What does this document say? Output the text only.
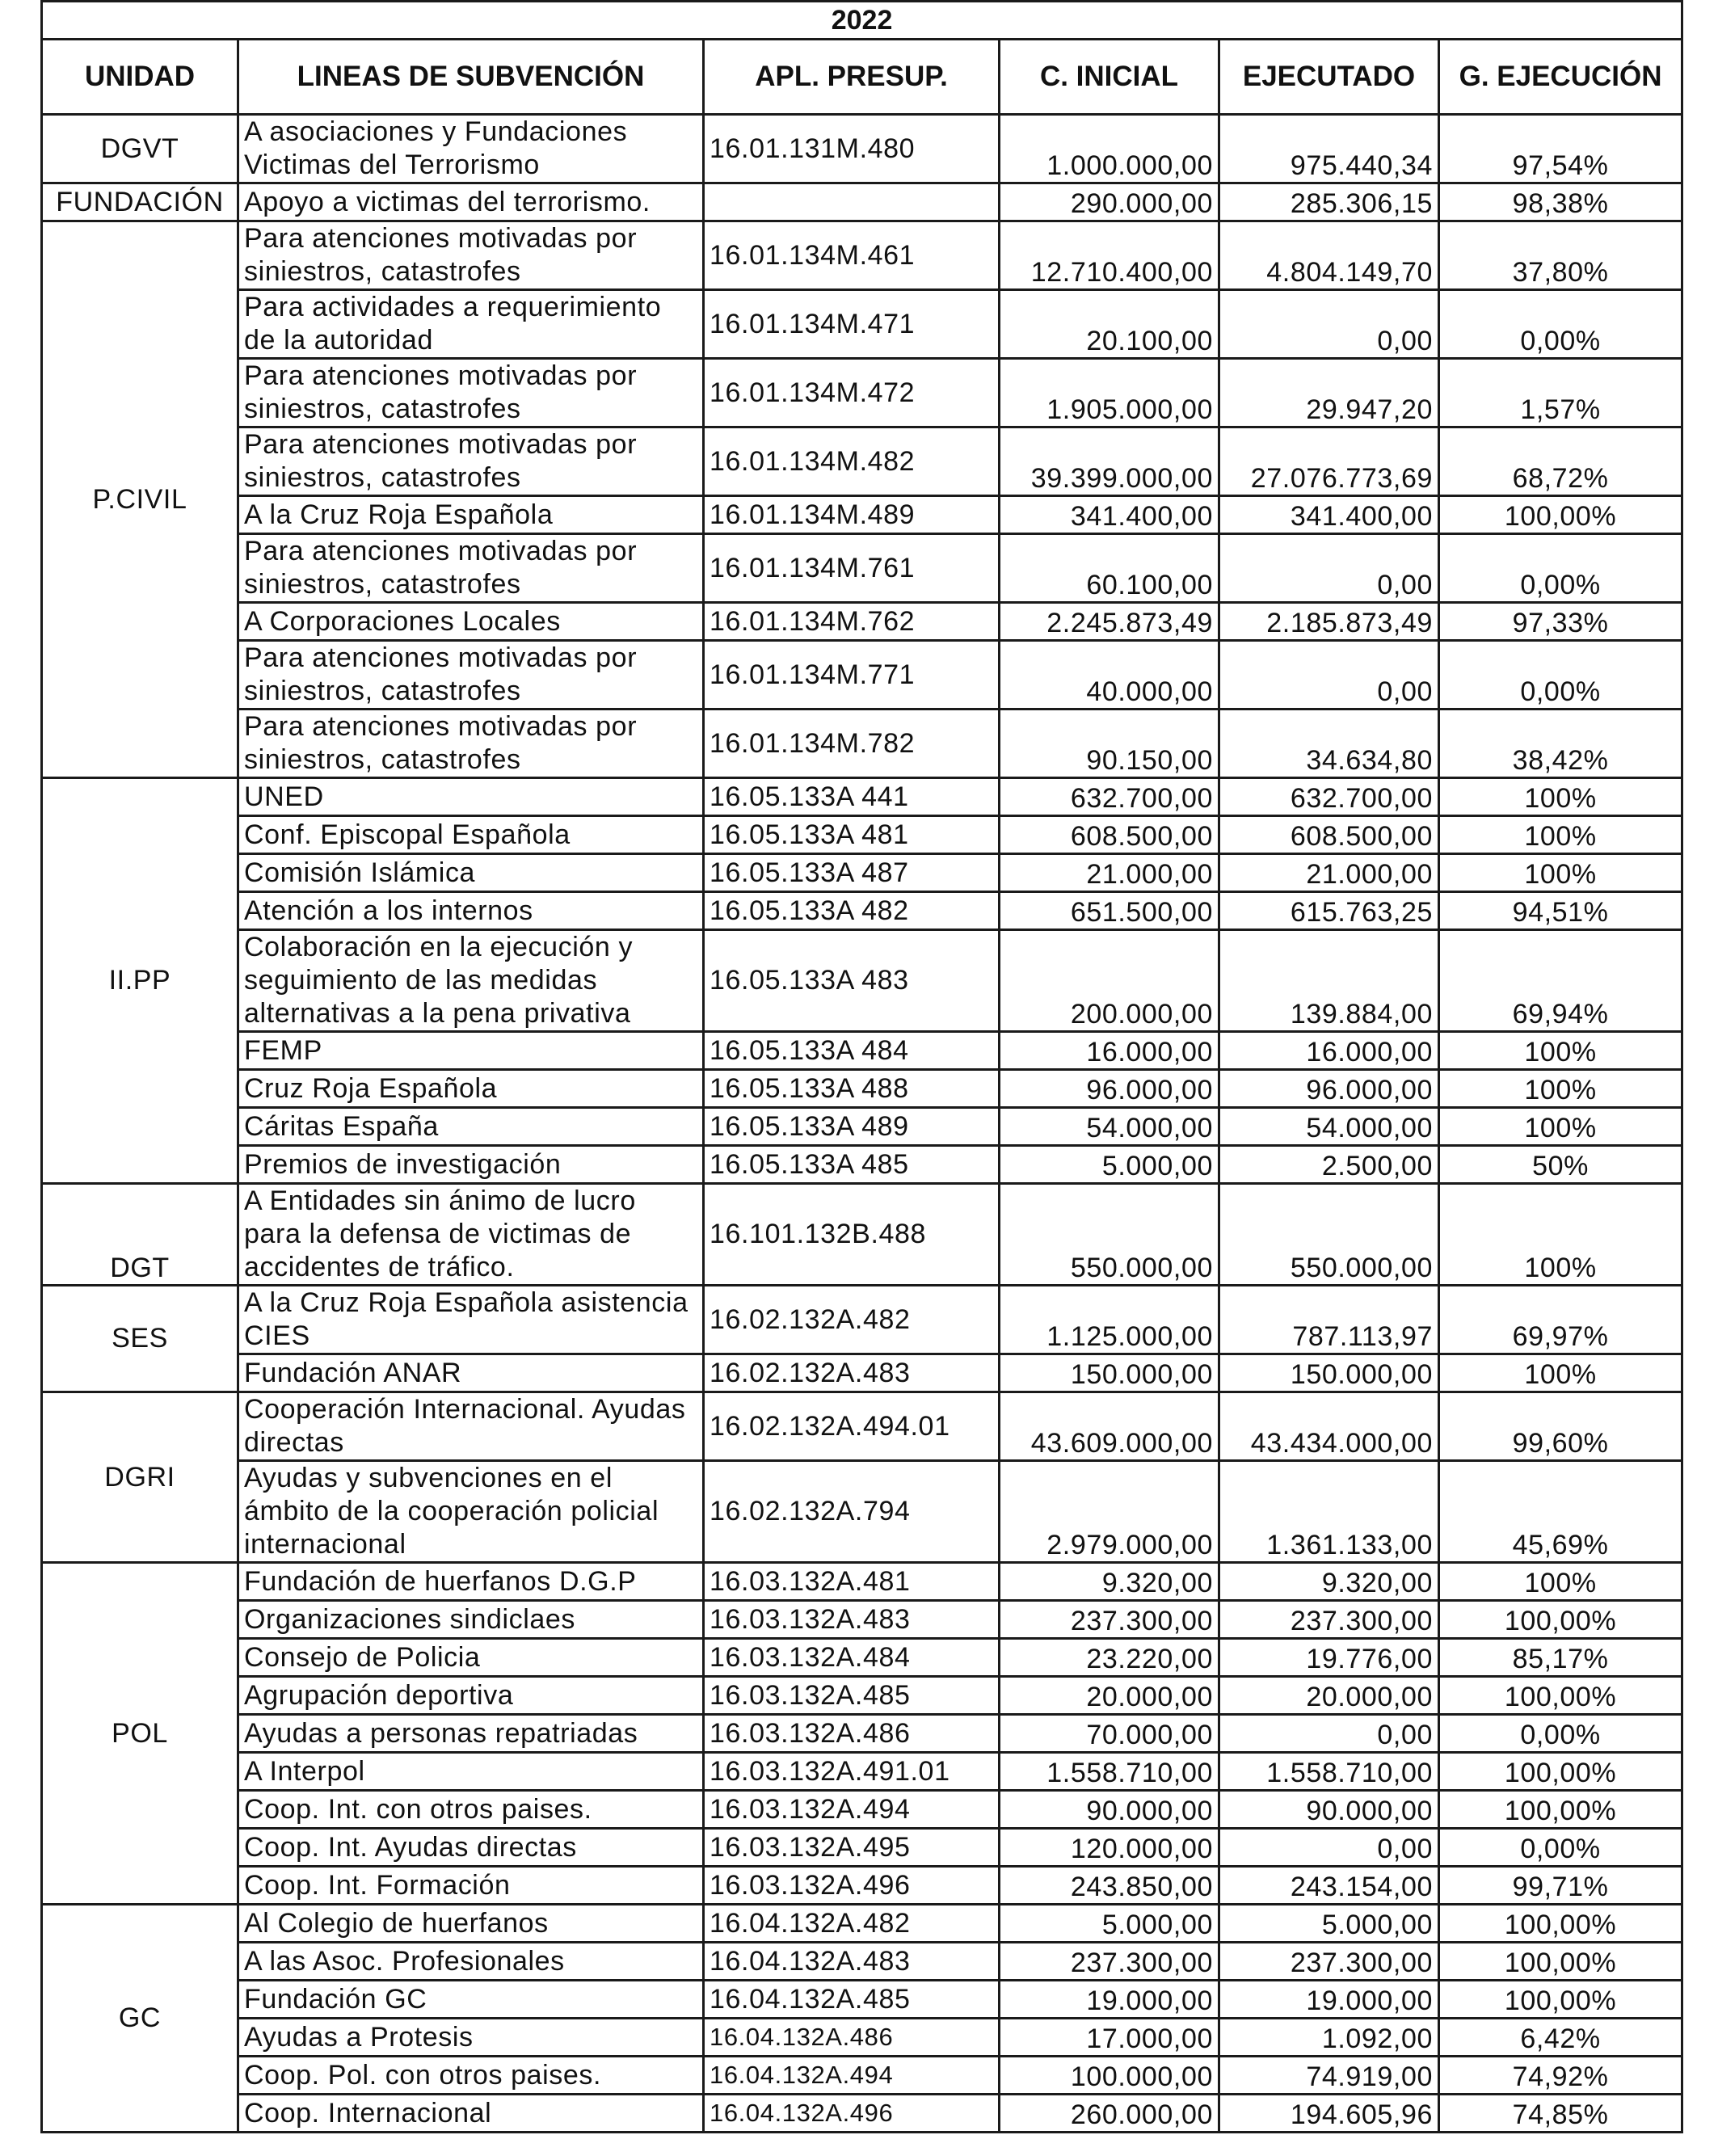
2022					
UNIDAD	LINEAS DE SUBVENCIÓN	APL. PRESUP.	C. INICIAL	EJECUTADO	G. EJECUCIÓN
DGVT	A asociaciones y Fundaciones Victimas del Terrorismo	16.01.131M.480	1.000.000,00	975.440,34	97,54%
FUNDACIÓN	Apoyo a victimas del terrorismo.		290.000,00	285.306,15	98,38%
P.CIVIL	Para atenciones motivadas por siniestros, catastrofes	16.01.134M.461	12.710.400,00	4.804.149,70	37,80%
	Para actividades a requerimiento de la autoridad	16.01.134M.471	20.100,00	0,00	0,00%
	Para atenciones motivadas por siniestros, catastrofes	16.01.134M.472	1.905.000,00	29.947,20	1,57%
	Para atenciones motivadas por siniestros, catastrofes	16.01.134M.482	39.399.000,00	27.076.773,69	68,72%
	A la Cruz Roja Española	16.01.134M.489	341.400,00	341.400,00	100,00%
	Para atenciones motivadas por siniestros, catastrofes	16.01.134M.761	60.100,00	0,00	0,00%
	A Corporaciones Locales	16.01.134M.762	2.245.873,49	2.185.873,49	97,33%
	Para atenciones motivadas por siniestros, catastrofes	16.01.134M.771	40.000,00	0,00	0,00%
	Para atenciones motivadas por siniestros, catastrofes	16.01.134M.782	90.150,00	34.634,80	38,42%
II.PP	UNED	16.05.133A 441	632.700,00	632.700,00	100%
	Conf. Episcopal Española	16.05.133A 481	608.500,00	608.500,00	100%
	Comisión Islámica	16.05.133A 487	21.000,00	21.000,00	100%
	Atención a los internos	16.05.133A 482	651.500,00	615.763,25	94,51%
	Colaboración en la ejecución y seguimiento de las medidas alternativas a la pena privativa	16.05.133A 483	200.000,00	139.884,00	69,94%
	FEMP	16.05.133A 484	16.000,00	16.000,00	100%
	Cruz Roja Española	16.05.133A 488	96.000,00	96.000,00	100%
	Cáritas España	16.05.133A 489	54.000,00	54.000,00	100%
	Premios de investigación	16.05.133A 485	5.000,00	2.500,00	50%
DGT	A Entidades sin ánimo de lucro para la defensa de victimas de accidentes de tráfico.	16.101.132B.488	550.000,00	550.000,00	100%
SES	A la Cruz Roja Española asistencia CIES	16.02.132A.482	1.125.000,00	787.113,97	69,97%
	Fundación ANAR	16.02.132A.483	150.000,00	150.000,00	100%
DGRI	Cooperación Internacional. Ayudas directas	16.02.132A.494.01	43.609.000,00	43.434.000,00	99,60%
	Ayudas y subvenciones en el ámbito de la cooperación policial internacional	16.02.132A.794	2.979.000,00	1.361.133,00	45,69%
POL	Fundación de huerfanos D.G.P	16.03.132A.481	9.320,00	9.320,00	100%
	Organizaciones sindiclaes	16.03.132A.483	237.300,00	237.300,00	100,00%
	Consejo de Policia	16.03.132A.484	23.220,00	19.776,00	85,17%
	Agrupación deportiva	16.03.132A.485	20.000,00	20.000,00	100,00%
	Ayudas a personas repatriadas	16.03.132A.486	70.000,00	0,00	0,00%
	A Interpol	16.03.132A.491.01	1.558.710,00	1.558.710,00	100,00%
	Coop. Int. con otros paises.	16.03.132A.494	90.000,00	90.000,00	100,00%
	Coop. Int. Ayudas directas	16.03.132A.495	120.000,00	0,00	0,00%
	Coop. Int. Formación	16.03.132A.496	243.850,00	243.154,00	99,71%
GC	Al Colegio de huerfanos	16.04.132A.482	5.000,00	5.000,00	100,00%
	A las Asoc. Profesionales	16.04.132A.483	237.300,00	237.300,00	100,00%
	Fundación GC	16.04.132A.485	19.000,00	19.000,00	100,00%
	Ayudas a Protesis	16.04.132A.486	17.000,00	1.092,00	6,42%
	Coop. Pol. con otros paises.	16.04.132A.494	100.000,00	74.919,00	74,92%
	Coop. Internacional	16.04.132A.496	260.000,00	194.605,96	74,85%
